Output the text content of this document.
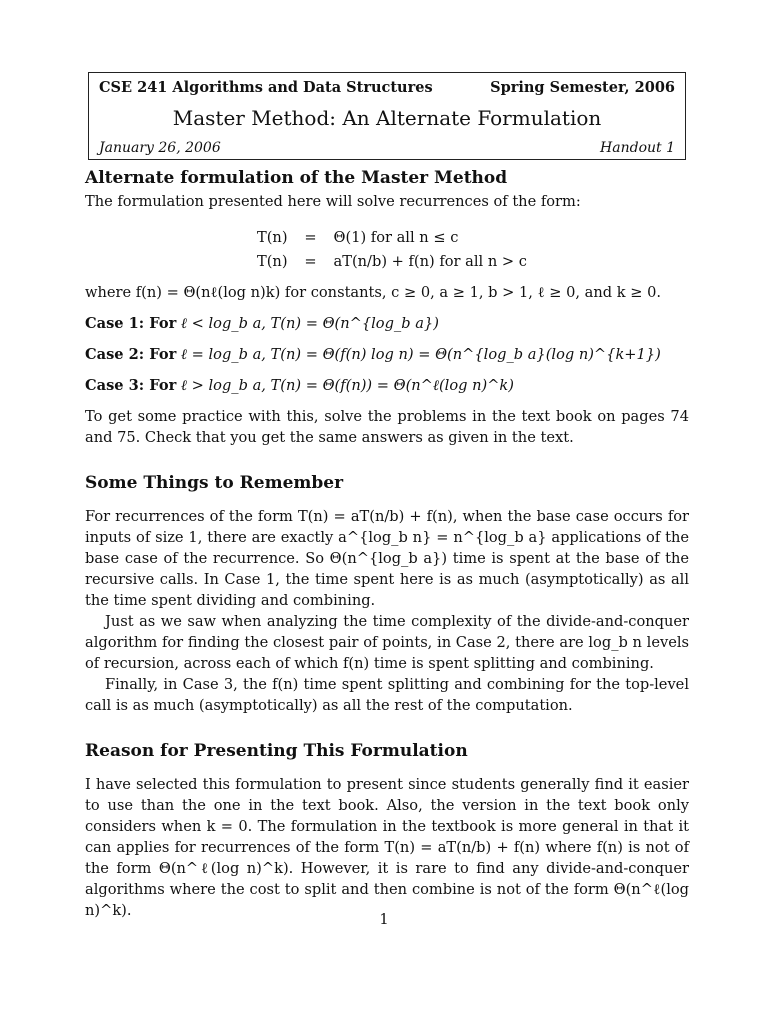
CSE 241 Algorithms and Data Structures	Spring Semester, 2006
Master Method: An Alternate Formulation
January 26, 2006	Handout 1
Alternate formulation of the Master Method

The formulation presented here will solve recurrences of the form:

T(n)	=	Θ(1) for all n ≤ c
T(n)	=	aT(n/b) + f(n) for all n > c

where f(n) = Θ(nℓ(log n)k) for constants, c ≥ 0, a ≥ 1, b > 1, ℓ ≥ 0, and k ≥ 0.

Case 1: For ℓ < log_b a, T(n) = Θ(n^{log_b a})
Case 2: For ℓ = log_b a, T(n) = Θ(f(n) log n) = Θ(n^{log_b a}(log n)^{k+1})
Case 3: For ℓ > log_b a, T(n) = Θ(f(n)) = Θ(n^ℓ(log n)^k)

To get some practice with this, solve the problems in the text book on pages 74 and 75. Check that you get the same answers as given in the text.

Some Things to Remember

For recurrences of the form T(n) = aT(n/b) + f(n), when the base case occurs for inputs of size 1, there are exactly a^{log_b n} = n^{log_b a} applications of the base case of the recurrence. So Θ(n^{log_b a}) time is spent at the base of the recursive calls. In Case 1, the time spent here is as much (asymptotically) as all the time spent dividing and combining.

Just as we saw when analyzing the time complexity of the divide-and-conquer algorithm for finding the closest pair of points, in Case 2, there are log_b n levels of recursion, across each of which f(n) time is spent splitting and combining.

Finally, in Case 3, the f(n) time spent splitting and combining for the top-level call is as much (asymptotically) as all the rest of the computation.

Reason for Presenting This Formulation

I have selected this formulation to present since students generally find it easier to use than the one in the text book. Also, the version in the text book only considers when k = 0. The formulation in the textbook is more general in that it can applies for recurrences of the form T(n) = aT(n/b) + f(n) where f(n) is not of the form Θ(n^ℓ(log n)^k). However, it is rare to find any divide-and-conquer algorithms where the cost to split and then combine is not of the form Θ(n^ℓ(log n)^k).

1
